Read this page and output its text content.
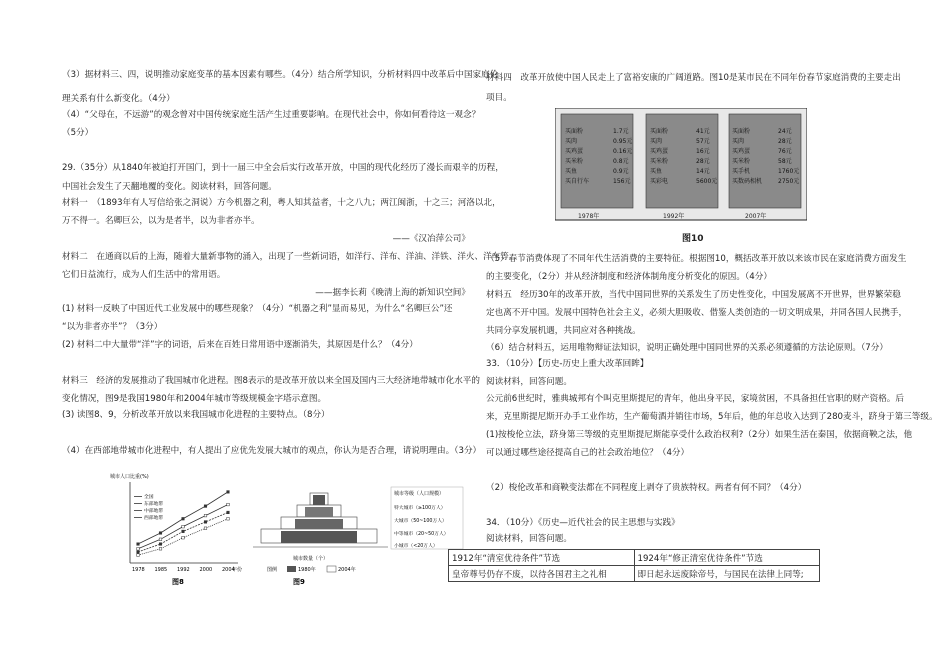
（3）据材料三、四，说明推动家庭变革的基本因素有哪些。（4分）结合所学知识，分析材料四中改革后中国家庭伦
理关系有什么新变化。（4分）
（4）“父母在，不远游”的观念曾对中国传统家庭生活产生过重要影响。在现代社会中，你如何看待这一观念？
（5分）
29.（35分）从1840年被迫打开国门，到十一届三中全会后实行改革开放，中国的现代化经历了漫长而艰辛的历程，
中国社会发生了天翻地覆的变化。阅读材料，回答问题。
材料一　（1893年有人写信给张之洞说）方今机器之利，粤人知其益者，十之八九；两江闽浙，十之三；河洛以北，
万不得一。名卿巨公，以为是者半，以为非者亦半。
——《汉冶萍公司》
材料二　在通商以后的上海，随着大量新事物的涌入，出现了一些新词语，如洋行、洋布、洋油、洋铁、洋火、洋车等。
它们日益流行，成为人们生活中的常用语。
——据李长莉《晚清上海的新知识空间》
(1) 材料一反映了中国近代工业发展中的哪些现象？（4分）“机器之利”显而易见，为什么“名卿巨公”还
“以为非者亦半”？（3分）
(2) 材料二中大量带“洋”字的词语，后来在百姓日常用语中逐渐消失，其原因是什么？（4分）
材料三　经济的发展推动了我国城市化进程。图8表示的是改革开放以来全国及国内三大经济地带城市化水平的
变化情况，图9是我国1980年和2004年城市等级规模金字塔示意图。
(3) 读图8、9，分析改革开放以来我国城市化进程的主要特点。（8分）
（4）在西部地带城市化进程中，有人提出了应优先发展大城市的观点，你认为是否合理，请说明理由。（3分）
城市人口比重(%)
1978 1985 1992 2000 2004
年份
全国
东部地带
中部地带
西部地带
图8
城市数量（个）
城市等级（人口规模）
特大城市（≥100万人）
大城市（50~100万人）
中等城市（20~50万人）
小城市（<20万人）
图例	1980年	2004年
图9
材料四　改革开放使中国人民走上了富裕安康的广阔道路。图10是某市民在不同年份春节家庭消费的主要走出
项目。
买面粉	1.7元
买肉	0.95元
买鸡蛋	0.16元
买米粉	0.8元
买鱼	0.9元
买自行车	156元
买面粉	41元
买肉	57元
买鸡蛋	16元
买米粉	28元
买鱼	14元
买彩电	5600元
买面粉	24元
买肉	28元
买鸡蛋	76元
买米粉	58元
买手机	1760元
买数码相机	2750元
1978年	1992年	2007年
图10
（5）春节消费体现了不同年代生活消费的主要特征。根据图10，概括改革开放以来该市民在家庭消费方面发生
的主要变化，（2分）并从经济制度和经济体制角度分析变化的原因。（4分）
材料五　经历30年的改革开放，当代中国同世界的关系发生了历史性变化，中国发展离不开世界，世界繁荣稳
定也离不开中国。发展中国特色社会主义，必须大胆吸收、借鉴人类创造的一切文明成果，并同各国人民携手，
共同分享发展机遇，共同应对各种挑战。
（6）结合材料五，运用唯物辩证法知识，说明正确处理中国同世界的关系必须遵循的方法论原则。（7分）
33．（10分）【历史-历史上重大改革回眸】
阅读材料，回答问题。
公元前6世纪时，雅典城邦有个叫克里斯提尼的青年，他出身平民，家境贫困，不具备担任官职的财产资格。后
来，克里斯提尼斯开办手工业作坊，生产葡萄酒并销往市场，5年后，他的年总收入达到了280麦斗，跻身于第三等级。
(1)按梭伦立法，跻身第三等级的克里斯提尼斯能享受什么政治权利?（2分）如果生活在秦国，依据商鞅之法，他
可以通过哪些途径提高自己的社会政治地位？（4分）
（2）梭伦改革和商鞅变法都在不同程度上剥夺了贵族特权。两者有何不同？（4分）
34．（10分）《历史—近代社会的民主思想与实践》
阅读材料，回答问题。
1912年“清室优待条件”节选	1924年“修正清室优待条件”节选
皇帝尊号仍存不废，以待各国君主之礼相	即日起永远废除帝号，与国民在法律上同等;
